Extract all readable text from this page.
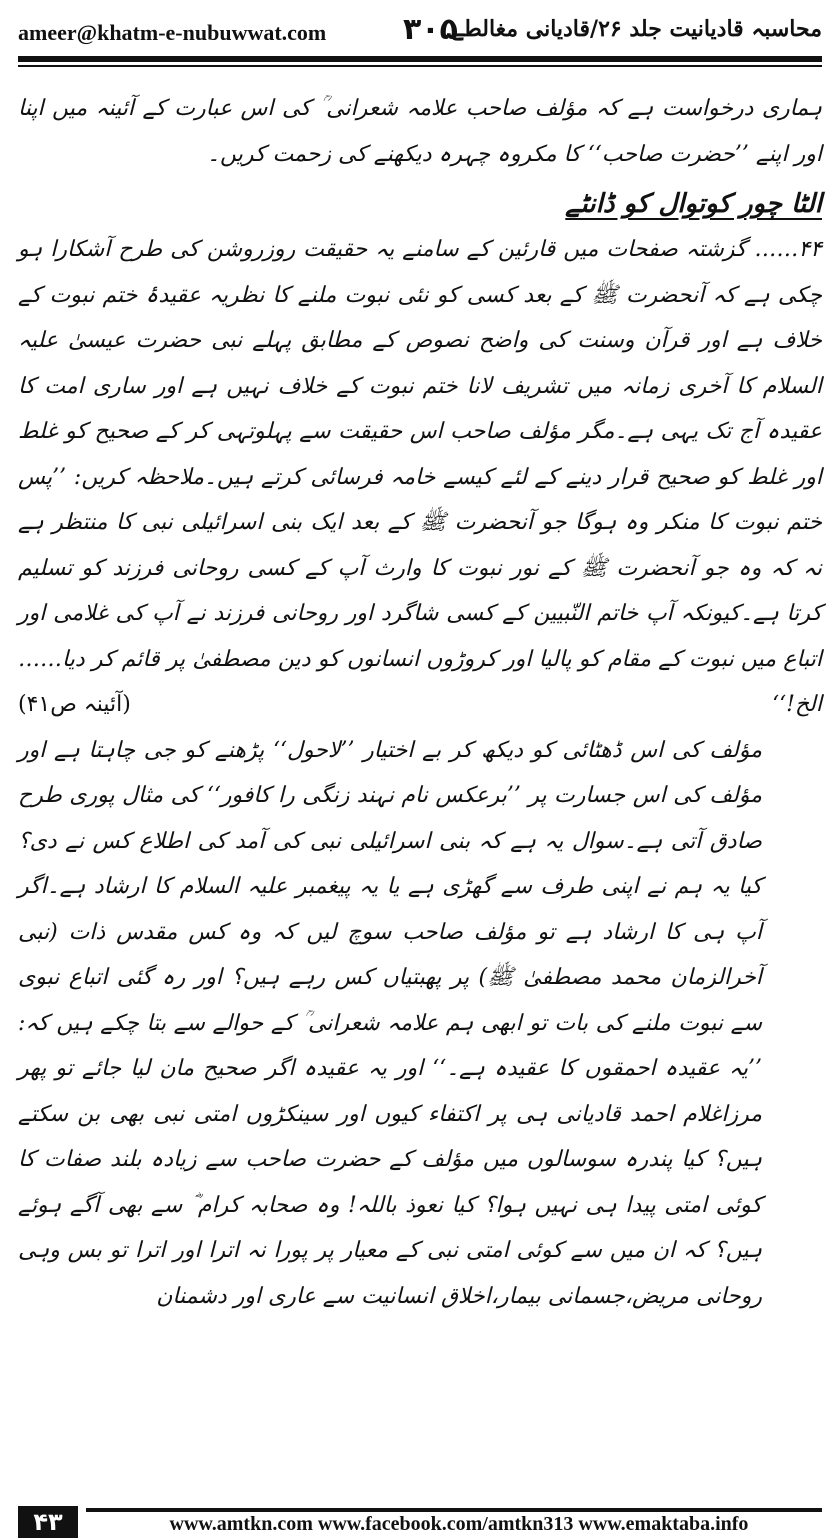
ameer@khatm-e-nubuwwat.com	۳۰۵
محاسبہ قادیانیت جلد ۲۶/قادیانی مغالطے

ہماری درخواست ہے کہ مؤلف صاحب علامہ شعرانی ؒ کی اس عبارت کے آئینہ میں اپنا اور اپنے ’’حضرت صاحب‘‘ کا مکروہ چہرہ دیکھنے کی زحمت کریں۔

الٹا چور کوتوال کو ڈانٹے

۴۴…… گزشتہ صفحات میں قارئین کے سامنے یہ حقیقت روزروشن کی طرح آشکارا ہو چکی ہے کہ آنحضرت ﷺ کے بعد کسی کو نئی نبوت ملنے کا نظریہ عقیدۂ ختم نبوت کے خلاف ہے اور قرآن وسنت کی واضح نصوص کے مطابق پہلے نبی حضرت عیسیٰ علیہ السلام کا آخری زمانہ میں تشریف لانا ختم نبوت کے خلاف نہیں ہے اور ساری امت کا عقیدہ آج تک یہی ہے۔مگر مؤلف صاحب اس حقیقت سے پہلوتہی کر کے صحیح کو غلط اور غلط کو صحیح قرار دینے کے لئے کیسے خامہ فرسائی کرتے ہیں۔ملاحظہ کریں: ’’پس ختم نبوت کا منکر وہ ہوگا جو آنحضرت ﷺ کے بعد ایک بنی اسرائیلی نبی کا منتظر ہے نہ کہ وہ جو آنحضرت ﷺ کے نور نبوت کا وارث آپ کے کسی روحانی فرزند کو تسلیم کرتا ہے۔کیونکہ آپ خاتم النّبیین کے کسی شاگرد اور روحانی فرزند نے آپ کی غلامی اور اتباع میں نبوت کے مقام کو پالیا اور کروڑوں انسانوں کو دین مصطفیٰ پر قائم کر دیا……الخ!‘‘
(آئینہ ص۴۱)

مؤلف کی اس ڈھٹائی کو دیکھ کر بے اختیار ’’لاحول‘‘ پڑھنے کو جی چاہتا ہے اور مؤلف کی اس جسارت پر ’’برعکس نام نہند زنگی را کافور‘‘ کی مثال پوری طرح صادق آتی ہے۔سوال یہ ہے کہ بنی اسرائیلی نبی کی آمد کی اطلاع کس نے دی؟ کیا یہ ہم نے اپنی طرف سے گھڑی ہے یا یہ پیغمبر علیہ السلام کا ارشاد ہے۔اگر آپ ہی کا ارشاد ہے تو مؤلف صاحب سوچ لیں کہ وہ کس مقدس ذات (نبی آخرالزمان محمد مصطفیٰ ﷺ) پر پھبتیاں کس رہے ہیں؟ اور رہ گئی اتباع نبوی سے نبوت ملنے کی بات تو ابھی ہم علامہ شعرانی ؒ کے حوالے سے بتا چکے ہیں کہ: ’’یہ عقیدہ احمقوں کا عقیدہ ہے۔‘‘ اور یہ عقیدہ اگر صحیح مان لیا جائے تو پھر مرزاغلام احمد قادیانی ہی پر اکتفاء کیوں اور سینکڑوں امتی نبی بھی بن سکتے ہیں؟ کیا پندرہ سوسالوں میں مؤلف کے حضرت صاحب سے زیادہ بلند صفات کا کوئی امتی پیدا ہی نہیں ہوا؟ کیا نعوذ باللہ! وہ صحابہ کرام ؓ سے بھی آگے ہوئے ہیں؟ کہ ان میں سے کوئی امتی نبی کے معیار پر پورا نہ اترا اور اترا تو بس وہی روحانی مریض،جسمانی بیمار،اخلاق انسانیت سے عاری اور دشمنان

۴۳	www.amtkn.com www.facebook.com/amtkn313 www.emaktaba.info
